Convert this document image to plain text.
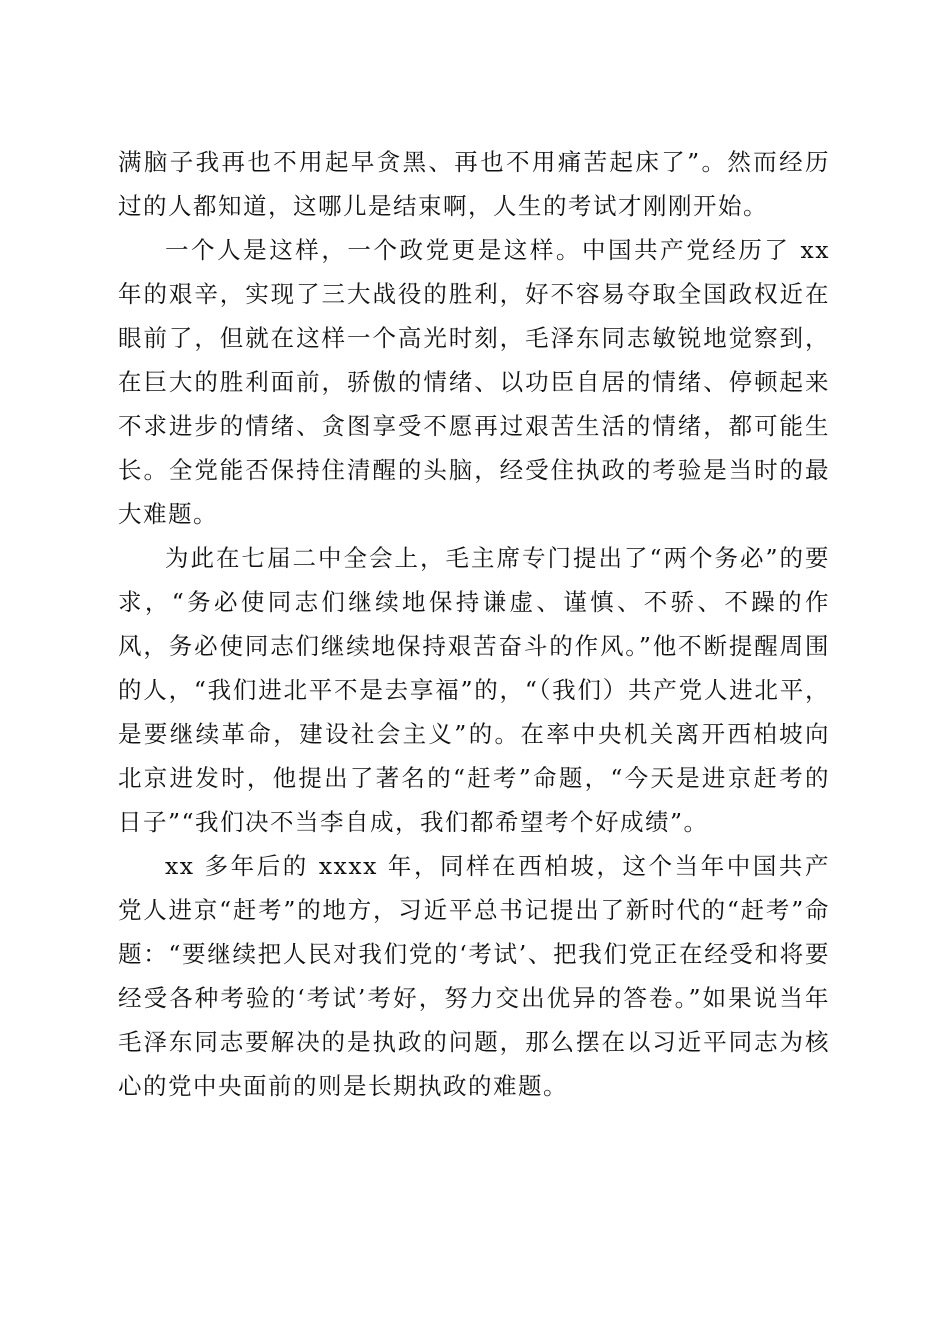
满脑子我再也不用起早贪黑、再也不用痛苦起床了”。然而经历过的人都知道，这哪儿是结束啊，人生的考试才刚刚开始。

一个人是这样，一个政党更是这样。中国共产党经历了 xx 年的艰辛，实现了三大战役的胜利，好不容易夺取全国政权近在眼前了，但就在这样一个高光时刻，毛泽东同志敏锐地觉察到，在巨大的胜利面前，骄傲的情绪、以功臣自居的情绪、停顿起来不求进步的情绪、贪图享受不愿再过艰苦生活的情绪，都可能生长。全党能否保持住清醒的头脑，经受住执政的考验是当时的最大难题。

为此在七届二中全会上，毛主席专门提出了“两个务必”的要求，“务必使同志们继续地保持谦虚、谨慎、不骄、不躁的作风，务必使同志们继续地保持艰苦奋斗的作风。”他不断提醒周围的人，“我们进北平不是去享福”的，“（我们）共产党人进北平，是要继续革命，建设社会主义”的。在率中央机关离开西柏坡向北京进发时，他提出了著名的“赶考”命题，“今天是进京赶考的日子”“我们决不当李自成，我们都希望考个好成绩”。

xx 多年后的 xxxx 年，同样在西柏坡，这个当年中国共产党人进京“赶考”的地方，习近平总书记提出了新时代的“赶考”命题：“要继续把人民对我们党的‘考试’、把我们党正在经受和将要经受各种考验的‘考试’考好，努力交出优异的答卷。”如果说当年毛泽东同志要解决的是执政的问题，那么摆在以习近平同志为核心的党中央面前的则是长期执政的难题。
